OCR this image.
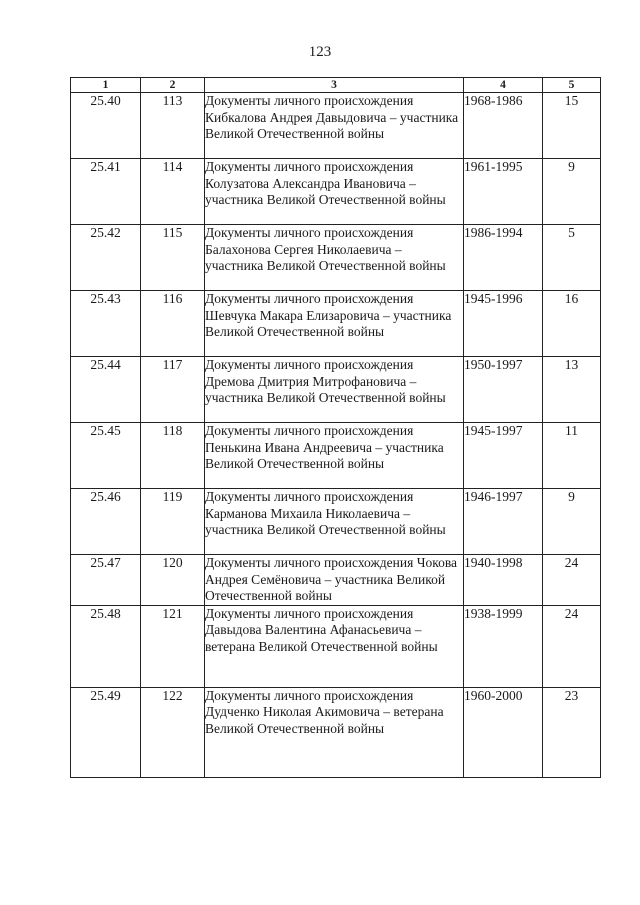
123
1	2	3	4	5
25.40	113	Документы личного происхождения Кибкалова Андрея Давыдовича – участника Великой Отечественной войны	1968-1986	15
25.41	114	Документы личного происхождения Колузатова Александра Ивановича – участника Великой Отечественной войны	1961-1995	9
25.42	115	Документы личного происхождения Балахонова Сергея Николаевича – участника Великой Отечественной войны	1986-1994	5
25.43	116	Документы личного происхождения Шевчука Макара Елизаровича – участника Великой Отечественной войны	1945-1996	16
25.44	117	Документы личного происхождения Дремова Дмитрия Митрофановича – участника Великой Отечественной войны	1950-1997	13
25.45	118	Документы личного происхождения Пенькина Ивана Андреевича – участника Великой Отечественной войны	1945-1997	11
25.46	119	Документы личного происхождения Карманова Михаила Николаевича – участника Великой Отечественной войны	1946-1997	9
25.47	120	Документы личного происхождения Чокова Андрея Семёновича – участника Великой Отечественной войны	1940-1998	24
25.48	121	Документы личного происхождения Давыдова Валентина Афанасьевича – ветерана Великой Отечественной войны	1938-1999	24
25.49	122	Документы личного происхождения Дудченко Николая Акимовича – ветерана Великой Отечественной войны	1960-2000	23
